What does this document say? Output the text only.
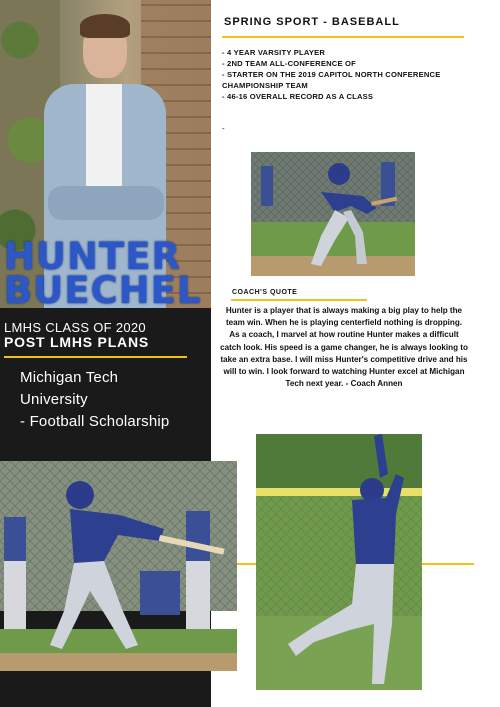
HUNTER
BUECHEL
LMHS CLASS OF 2020
POST LMHS PLANS
Michigan Tech
University
- Football Scholarship
SPRING SPORT - BASEBALL
- 4 YEAR VARSITY PLAYER
- 2ND TEAM ALL-CONFERENCE OF
- STARTER ON THE 2019 CAPITOL NORTH CONFERENCE CHAMPIONSHIP TEAM
- 46-16 OVERALL RECORD AS A CLASS
-
COACH'S QUOTE

Hunter is a player that is always making a big play to help the team win. When he is playing centerfield nothing is dropping. As a coach, I marvel at how routine Hunter makes a difficult catch look. His speed is a game changer, he is always looking to take an extra base. I will miss Hunter's competitive drive and his will to win. I look forward to watching Hunter excel at Michigan Tech next year. - Coach Annen
